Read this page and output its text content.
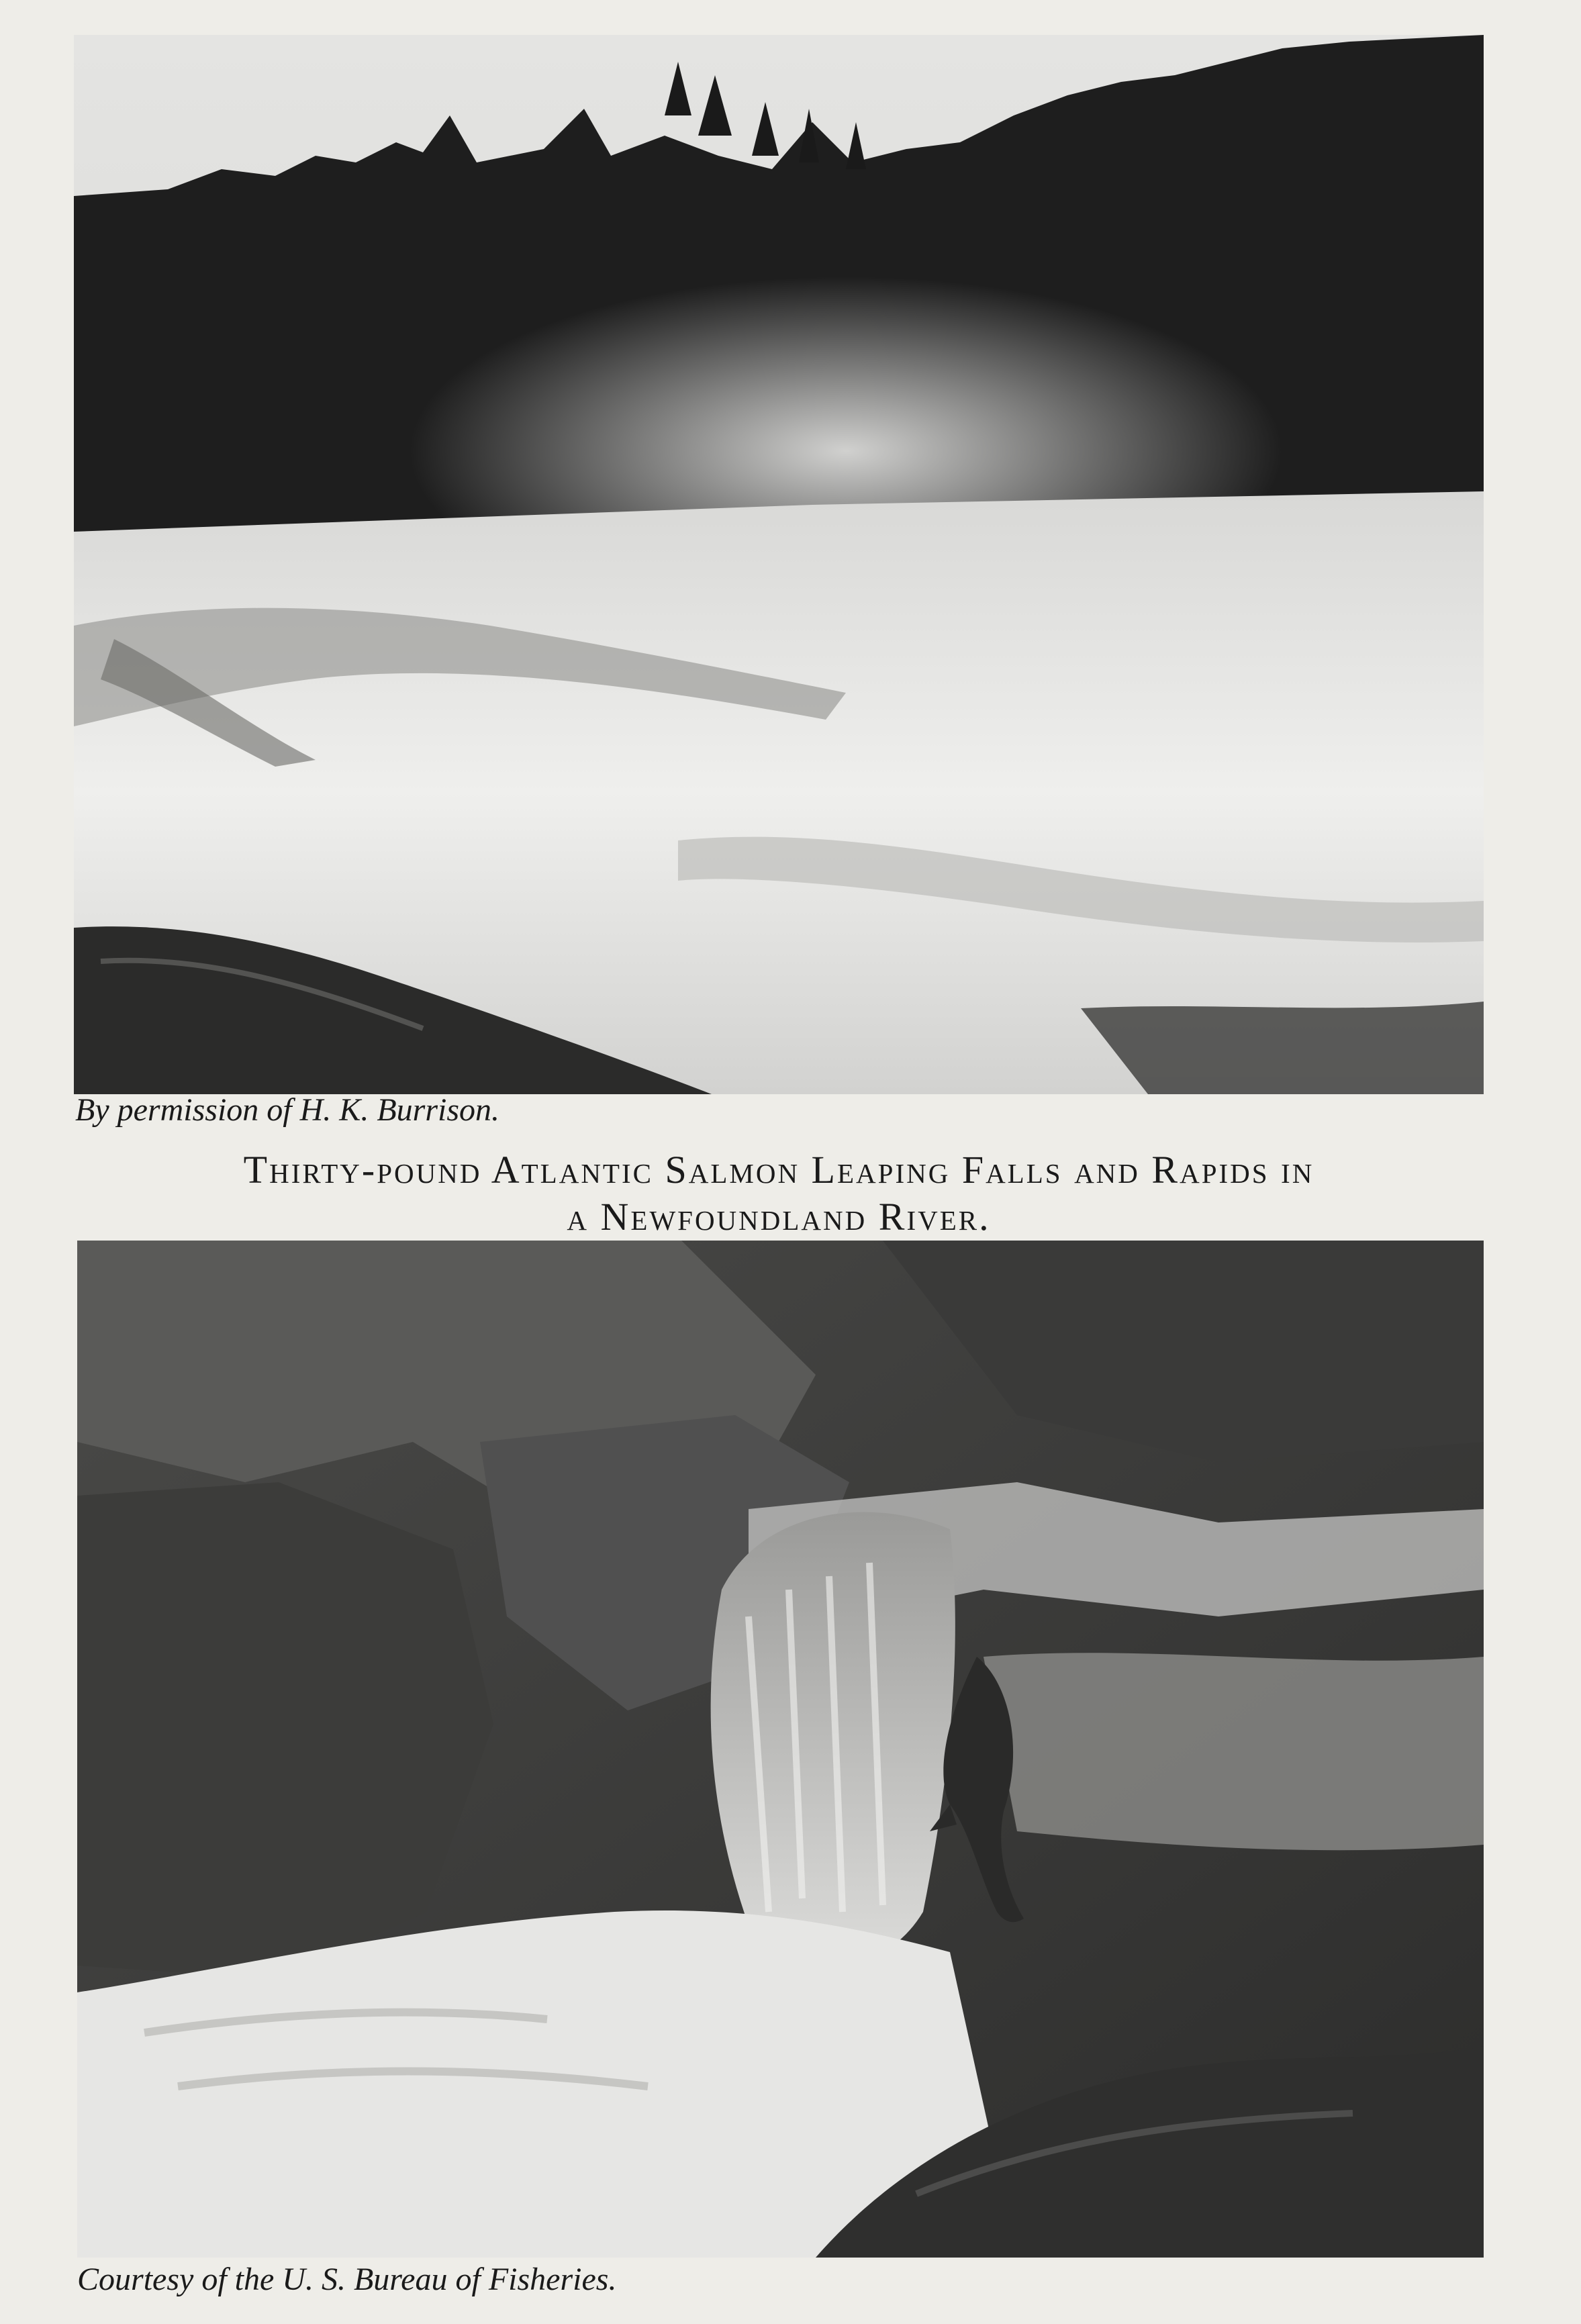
By permission of H. K. Burrison.
Thirty-pound Atlantic Salmon Leaping Falls and Rapids in
a Newfoundland River.
Courtesy of the U. S. Bureau of Fisheries.
